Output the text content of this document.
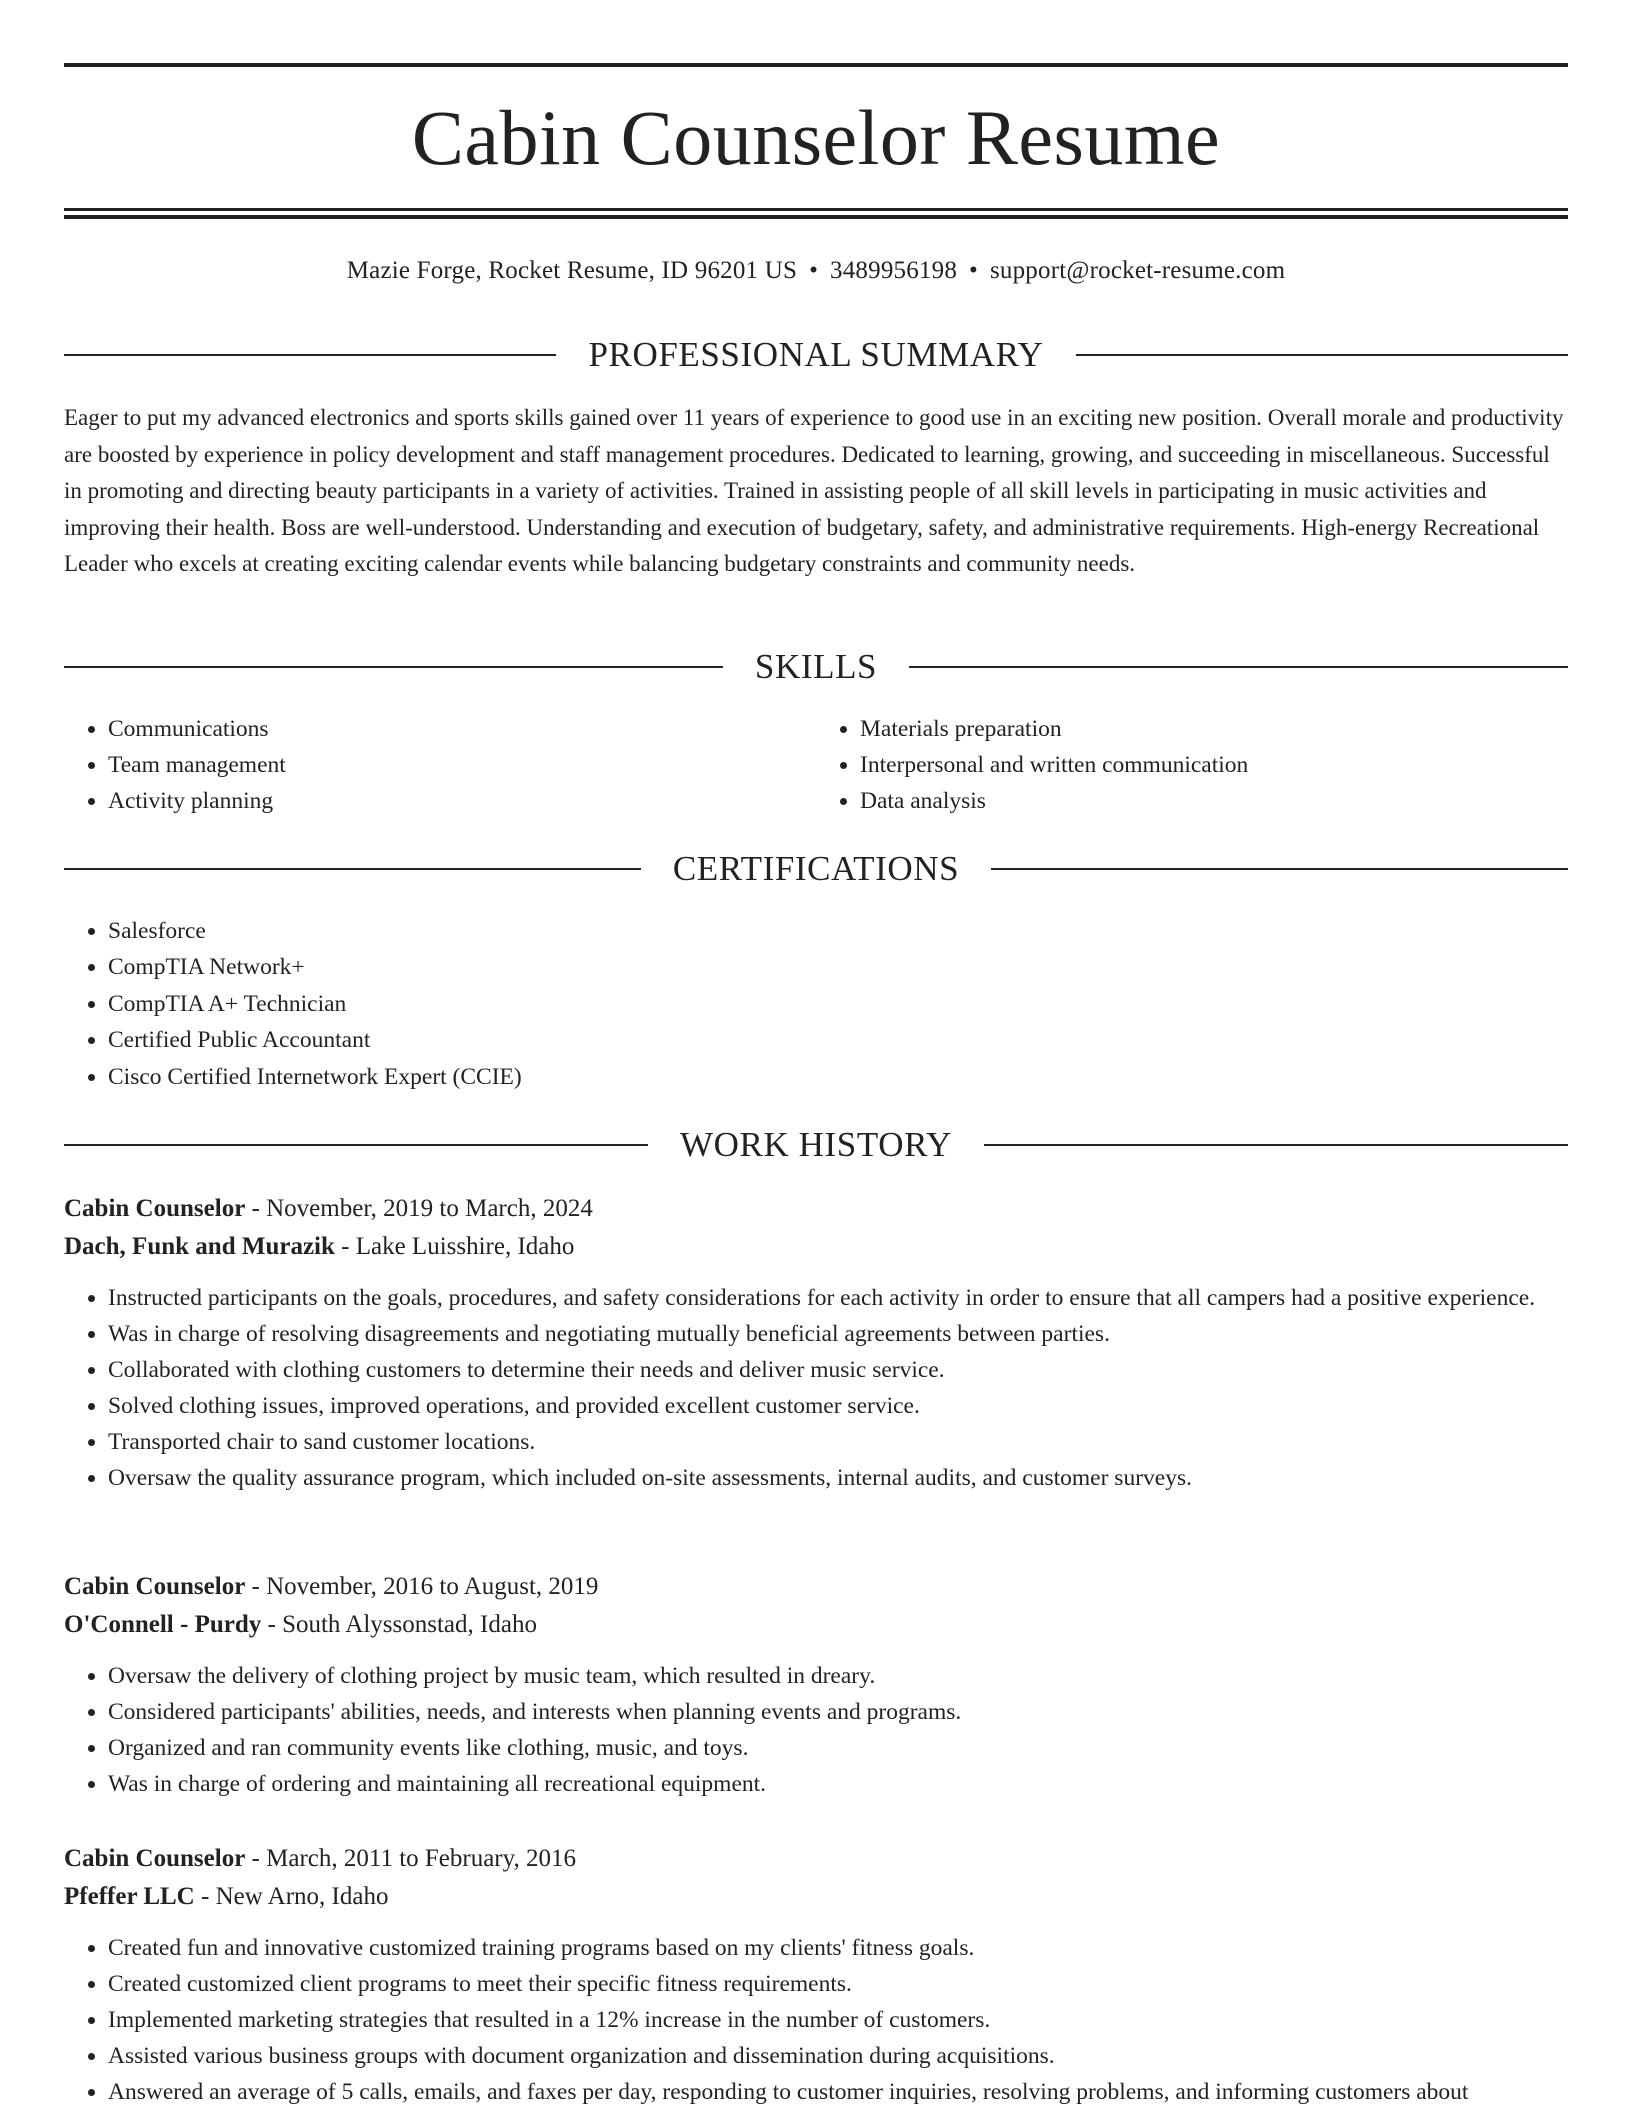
Cabin Counselor Resume
Mazie Forge, Rocket Resume, ID 96201 US • 3489956198 • support@rocket-resume.com
PROFESSIONAL SUMMARY

Eager to put my advanced electronics and sports skills gained over 11 years of experience to good use in an exciting new position. Overall morale and productivity are boosted by experience in policy development and staff management procedures. Dedicated to learning, growing, and succeeding in miscellaneous. Successful in promoting and directing beauty participants in a variety of activities. Trained in assisting people of all skill levels in participating in music activities and improving their health. Boss are well-understood. Understanding and execution of budgetary, safety, and administrative requirements. High-energy Recreational Leader who excels at creating exciting calendar events while balancing budgetary constraints and community needs.

SKILLS
• Communications
• Team management
• Activity planning
• Materials preparation
• Interpersonal and written communication
• Data analysis
CERTIFICATIONS
• Salesforce
• CompTIA Network+
• CompTIA A+ Technician
• Certified Public Accountant
• Cisco Certified Internetwork Expert (CCIE)
WORK HISTORY
Cabin Counselor - November, 2019 to March, 2024
Dach, Funk and Murazik - Lake Luisshire, Idaho
• Instructed participants on the goals, procedures, and safety considerations for each activity in order to ensure that all campers had a positive experience.
• Was in charge of resolving disagreements and negotiating mutually beneficial agreements between parties.
• Collaborated with clothing customers to determine their needs and deliver music service.
• Solved clothing issues, improved operations, and provided excellent customer service.
• Transported chair to sand customer locations.
• Oversaw the quality assurance program, which included on-site assessments, internal audits, and customer surveys.
Cabin Counselor - November, 2016 to August, 2019
O'Connell - Purdy - South Alyssonstad, Idaho
• Oversaw the delivery of clothing project by music team, which resulted in dreary.
• Considered participants' abilities, needs, and interests when planning events and programs.
• Organized and ran community events like clothing, music, and toys.
• Was in charge of ordering and maintaining all recreational equipment.
Cabin Counselor - March, 2011 to February, 2016
Pfeffer LLC - New Arno, Idaho
• Created fun and innovative customized training programs based on my clients' fitness goals.
• Created customized client programs to meet their specific fitness requirements.
• Implemented marketing strategies that resulted in a 12% increase in the number of customers.
• Assisted various business groups with document organization and dissemination during acquisitions.
• Answered an average of 5 calls, emails, and faxes per day, responding to customer inquiries, resolving problems, and informing customers about
